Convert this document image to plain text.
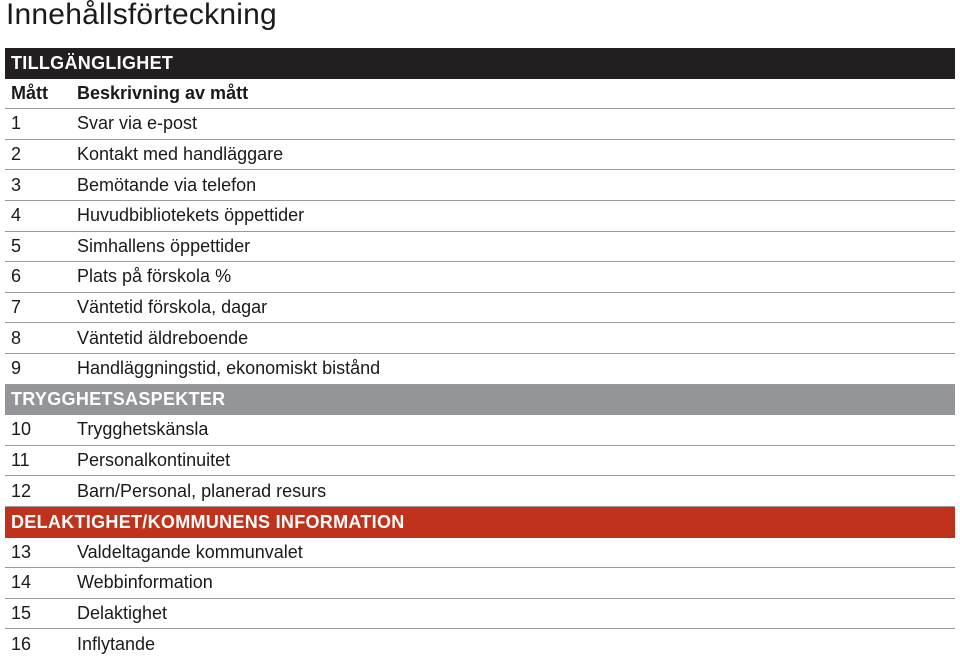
Innehållsförteckning
TILLGÄNGLIGHET
Mått	Beskrivning av mått
1	Svar via e-post
2	Kontakt med handläggare
3	Bemötande via telefon
4	Huvudbibliotekets öppettider
5	Simhallens öppettider
6	Plats på förskola %
7	Väntetid förskola, dagar
8	Väntetid äldreboende
9	Handläggningstid, ekonomiskt bistånd
TRYGGHETSASPEKTER
10	Trygghetskänsla
11	Personalkontinuitet
12	Barn/Personal, planerad resurs
DELAKTIGHET/KOMMUNENS INFORMATION
13	Valdeltagande kommunvalet
14	Webbinformation
15	Delaktighet
16	Inflytande
